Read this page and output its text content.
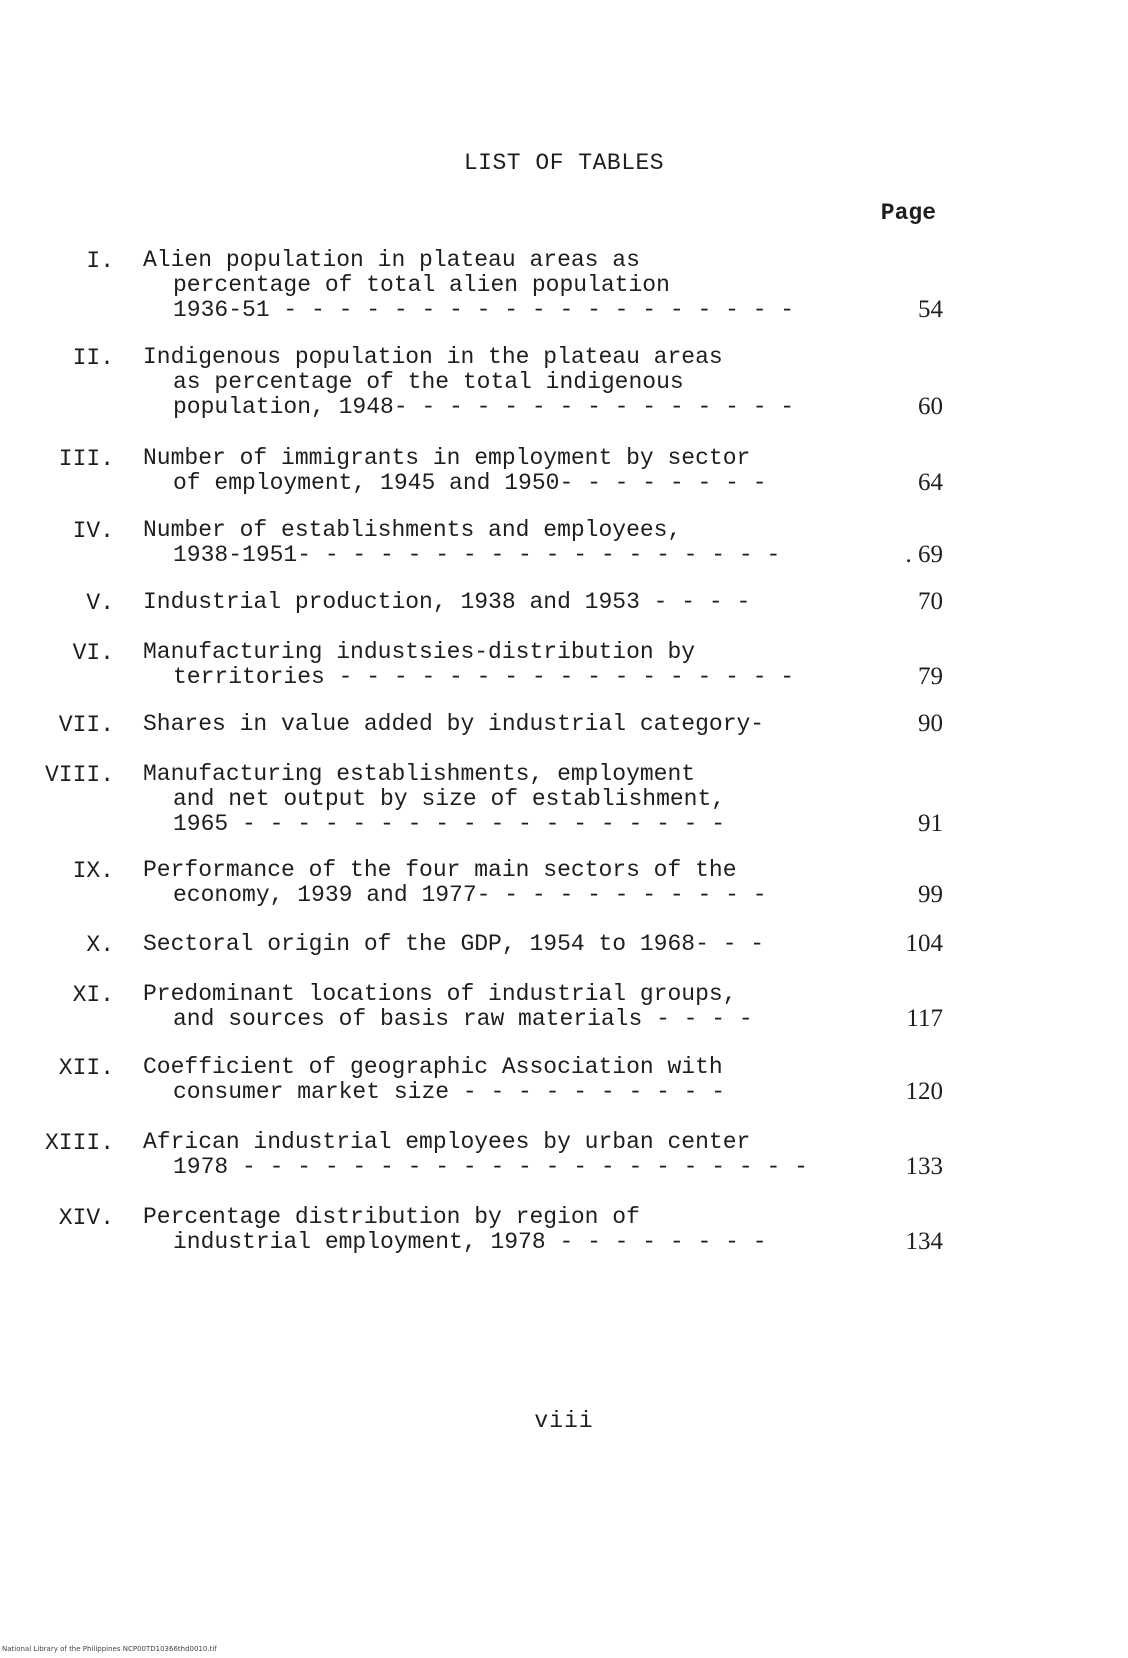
LIST OF TABLES
Page
I. Alien population in plateau areas as
percentage of total alien population
1936-51 - - - - - - - - - - - - - - - - - - -	54
II. Indigenous population in the plateau areas
as percentage of the total indigenous
population, 1948- - - - - - - - - - - - - - -	60
III. Number of immigrants in employment by sector
of employment, 1945 and 1950- - - - - - - -	64
IV. Number of establishments and employees,
1938-1951- - - - - - - - - - - - - - - - - -	. 69
V. Industrial production, 1938 and 1953 - - - -	70
VI. Manufacturing industsies-distribution by
territories - - - - - - - - - - - - - - - - -	79
VII. Shares in value added by industrial category-	90
VIII. Manufacturing establishments, employment
and net output by size of establishment,
1965 - - - - - - - - - - - - - - - - - -	91
IX. Performance of the four main sectors of the
economy, 1939 and 1977- - - - - - - - - - -	99
X. Sectoral origin of the GDP, 1954 to 1968- - -	104
XI. Predominant locations of industrial groups,
and sources of basis raw materials - - - -	117
XII. Coefficient of geographic Association with
consumer market size - - - - - - - - - -	120
XIII. African industrial employees by urban center
1978 - - - - - - - - - - - - - - - - - - - - -	133
XIV. Percentage distribution by region of
industrial employment, 1978 - - - - - - - -	134
viii
National Library of the Philippines NCP00TD10366thd0010.tif
